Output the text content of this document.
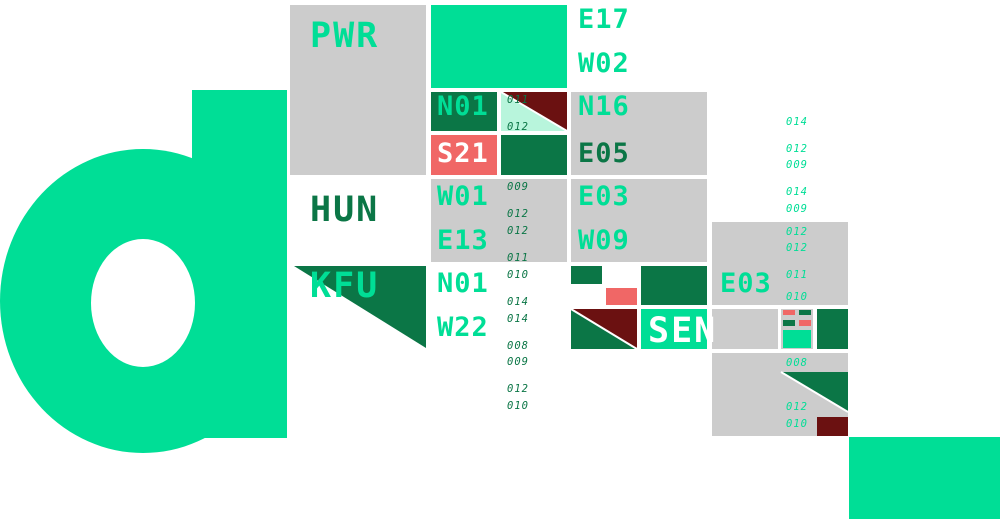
PWR
HUN
KFU
SEN
E17
W02
N16
E05
E03
W09
N01
S21
W01
E13
N01
W22
E03
011
012
009
012
012
011
010
014
014
008
009
012
010
014
012
009
014
009
012
012
011
010
008
012
010
